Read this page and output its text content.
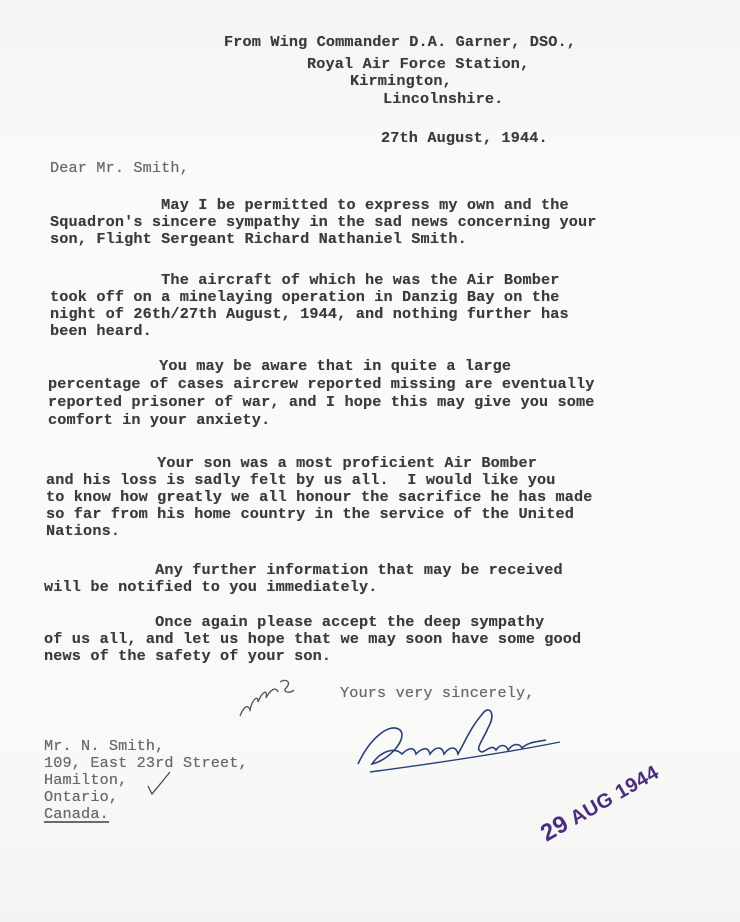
From Wing Commander D.A. Garner, DSO.,
Royal Air Force Station,
Kirmington,
Lincolnshire.
27th August, 1944.
Dear Mr. Smith,
May I be permitted to express my own and the
Squadron's sincere sympathy in the sad news concerning your
son, Flight Sergeant Richard Nathaniel Smith.
The aircraft of which he was the Air Bomber
took off on a minelaying operation in Danzig Bay on the
night of 26th/27th August, 1944, and nothing further has
been heard.
You may be aware that in quite a large
percentage of cases aircrew reported missing are eventually
reported prisoner of war, and I hope this may give you some
comfort in your anxiety.
Your son was a most proficient Air Bomber
and his loss is sadly felt by us all.  I would like you
to know how greatly we all honour the sacrifice he has made
so far from his home country in the service of the United
Nations.
Any further information that may be received
will be notified to you immediately.
Once again please accept the deep sympathy
of us all, and let us hope that we may soon have some good
news of the safety of your son.
Yours very sincerely,
Mr. N. Smith,
109, East 23rd Street,
Hamilton,
Ontario,
Canada.	29 AUG 1944
